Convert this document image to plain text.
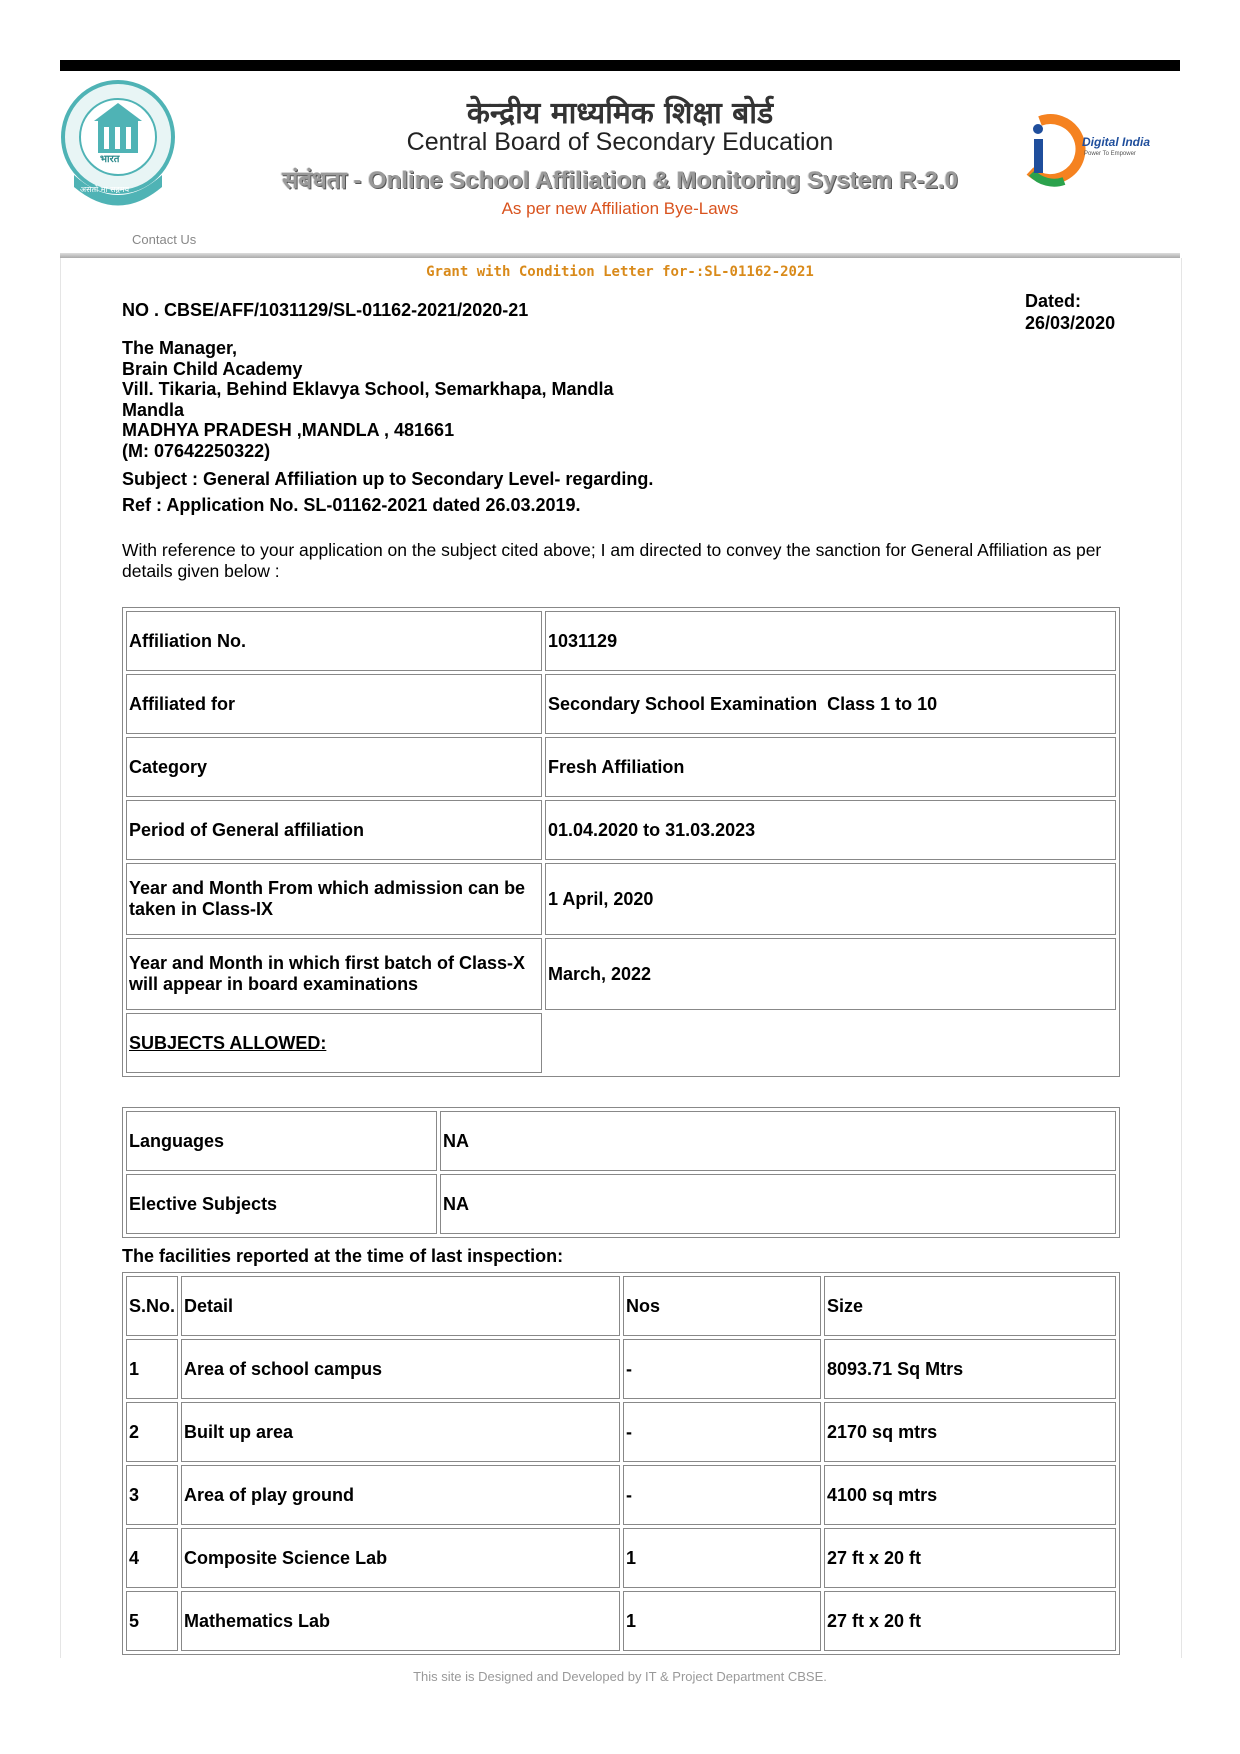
भारत
असतो मा सद्गमय
केन्द्रीय माध्यमिक शिक्षा बोर्ड
Central Board of Secondary Education
संबंधता - Online School Affiliation & Monitoring System R-2.0
As per new Affiliation Bye-Laws
Digital India
Power To Empower
Contact Us
Grant with Condition Letter for-:SL-01162-2021
NO . CBSE/AFF/1031129/SL-01162-2021/2020-21	Dated:
26/03/2020
The Manager,
Brain Child Academy
Vill. Tikaria, Behind Eklavya School, Semarkhapa, Mandla
Mandla
MADHYA PRADESH ,MANDLA , 481661
(M: 07642250322)
Subject : General Affiliation up to Secondary Level- regarding.
Ref : Application No. SL-01162-2021 dated 26.03.2019.
With reference to your application on the subject cited above; I am directed to convey the sanction for General Affiliation as per details given below :
Affiliation No.	1031129
Affiliated for	Secondary School Examination  Class 1 to 10
Category	Fresh Affiliation
Period of General affiliation	01.04.2020 to 31.03.2023
Year and Month From which admission can be taken in Class-IX	1 April, 2020
Year and Month in which first batch of Class-X will appear in board examinations	March, 2022
SUBJECTS ALLOWED:	
Languages	NA
Elective Subjects	NA
The facilities reported at the time of last inspection:
S.No.	Detail	Nos	Size
1	Area of school campus	-	8093.71 Sq Mtrs
2	Built up area	-	2170 sq mtrs
3	Area of play ground	-	4100 sq mtrs
4	Composite Science Lab	1	27 ft x 20 ft
5	Mathematics Lab	1	27 ft x 20 ft
This site is Designed and Developed by IT & Project Department CBSE.
